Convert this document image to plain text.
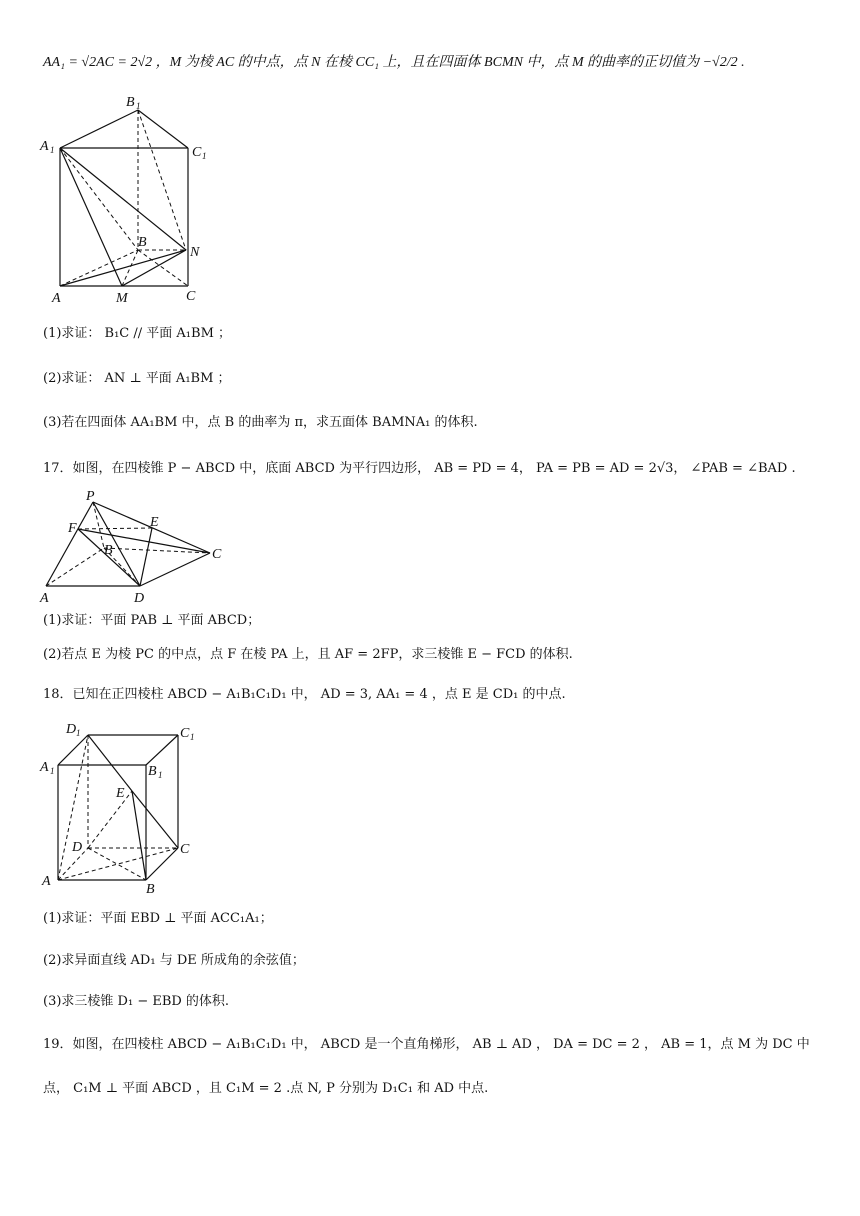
AA₁ = √2AC = 2√2 ，M 为棱 AC 的中点，点 N 在棱 CC₁ 上，且在四面体 BCMN 中，点 M 的曲率的正切值为 −√2/2 .
B 1
A 1	C 1
B
N
A	M	C
(1)求证： B₁C // 平面 A₁BM ；
(2)求证： AN ⊥ 平面 A₁BM ；
(3)若在四面体 AA₁BM 中，点 B 的曲率为 π，求五面体 BAMNA₁ 的体积.
17．如图，在四棱锥 P − ABCD 中，底面 ABCD 为平行四边形， AB = PD = 4， PA = PB = AD = 2√3， ∠PAB = ∠BAD .
P
F	E
B	C
A	D
(1)求证：平面 PAB ⊥ 平面 ABCD；
(2)若点 E 为棱 PC 的中点，点 F 在棱 PA 上，且 AF = 2FP，求三棱锥 E − FCD 的体积.
18．已知在正四棱柱 ABCD − A₁B₁C₁D₁ 中， AD = 3, AA₁ = 4 ，点 E 是 CD₁ 的中点.
D 1	C 1
A 1	B 1
E
D	C
A
B
(1)求证：平面 EBD ⊥ 平面 ACC₁A₁；
(2)求异面直线 AD₁ 与 DE 所成角的余弦值；
(3)求三棱锥 D₁ − EBD 的体积.
19．如图，在四棱柱 ABCD − A₁B₁C₁D₁ 中， ABCD 是一个直角梯形， AB ⊥ AD ， DA = DC = 2 ， AB = 1，点 M 为 DC 中
点， C₁M ⊥ 平面 ABCD ，且 C₁M = 2 .点 N, P 分别为 D₁C₁ 和 AD 中点.
